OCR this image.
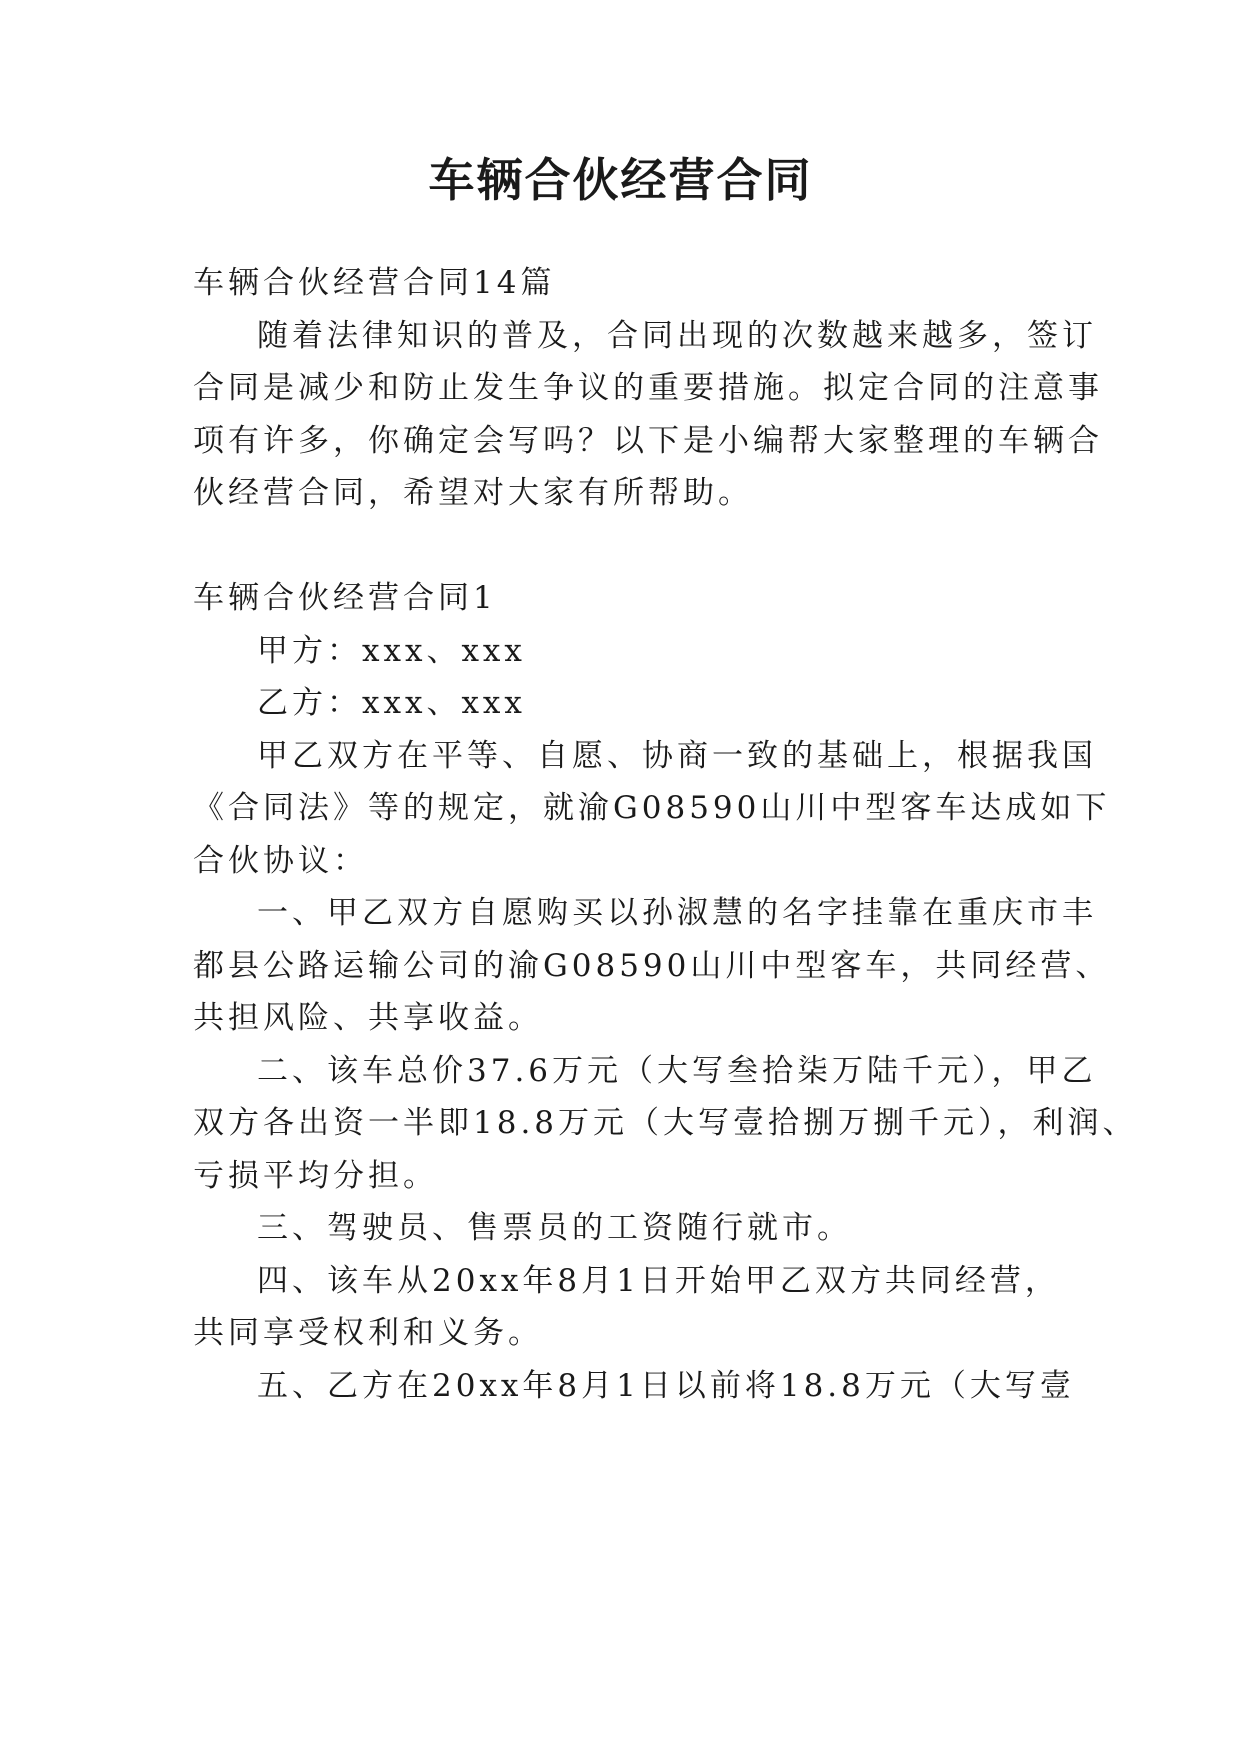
车辆合伙经营合同
车辆合伙经营合同14篇
随着法律知识的普及，合同出现的次数越来越多，签订
合同是减少和防止发生争议的重要措施。拟定合同的注意事
项有许多，你确定会写吗？以下是小编帮大家整理的车辆合
伙经营合同，希望对大家有所帮助。
车辆合伙经营合同1
甲方：xxx、xxx
乙方：xxx、xxx
甲乙双方在平等、自愿、协商一致的基础上，根据我国
《合同法》等的规定，就渝G08590山川中型客车达成如下
合伙协议：
一、甲乙双方自愿购买以孙淑慧的名字挂靠在重庆市丰
都县公路运输公司的渝G08590山川中型客车，共同经营、
共担风险、共享收益。
二、该车总价37.6万元（大写叁拾柒万陆千元），甲乙
双方各出资一半即18.8万元（大写壹拾捌万捌千元），利润、
亏损平均分担。
三、驾驶员、售票员的工资随行就市。
四、该车从20xx年8月1日开始甲乙双方共同经营，
共同享受权利和义务。
五、乙方在20xx年8月1日以前将18.8万元（大写壹
